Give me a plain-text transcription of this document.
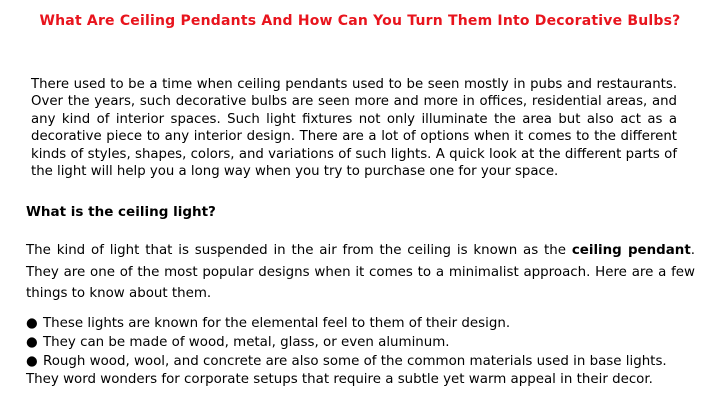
What Are Ceiling Pendants And How Can You Turn Them Into Decorative Bulbs?

There used to be a time when ceiling pendants used to be seen mostly in pubs and restaurants. Over the years, such decorative bulbs are seen more and more in offices, residential areas, and any kind of interior spaces. Such light fixtures not only illuminate the area but also act as a decorative piece to any interior design. There are a lot of options when it comes to the different kinds of styles, shapes, colors, and variations of such lights. A quick look at the different parts of the light will help you a long way when you try to purchase one for your space.

What is the ceiling light?

The kind of light that is suspended in the air from the ceiling is known as the ceiling pendant. They are one of the most popular designs when it comes to a minimalist approach. Here are a few things to know about them.

● These lights are known for the elemental feel to them of their design.
● They can be made of wood, metal, glass, or even aluminum.
● Rough wood, wool, and concrete are also some of the common materials used in base lights.

They word wonders for corporate setups that require a subtle yet warm appeal in their decor.
